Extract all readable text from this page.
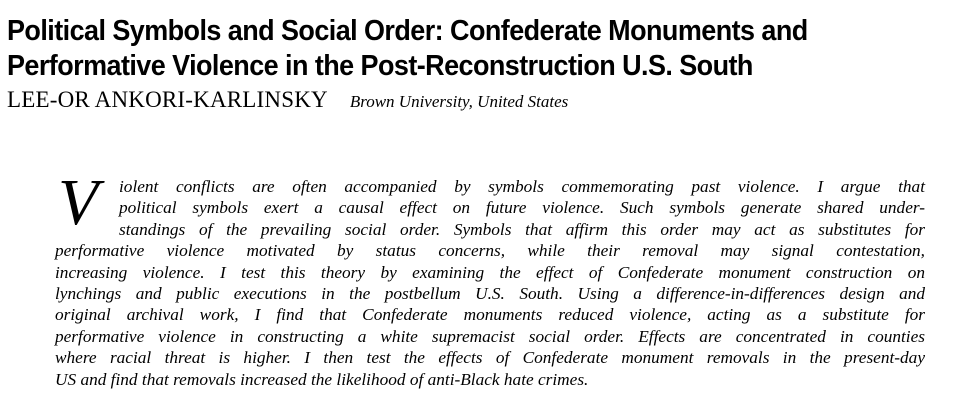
Political Symbols and Social Order: Confederate Monuments and
Performative Violence in the Post-Reconstruction U.S. South
LEE-OR ANKORI-KARLINSKY Brown University, United States
V	iolent conflicts are often accompanied by symbols commemorating past violence. I argue that
political symbols exert a causal effect on future violence. Such symbols generate shared under-
standings of the prevailing social order. Symbols that affirm this order may act as substitutes for
performative violence motivated by status concerns, while their removal may signal contestation,
increasing violence. I test this theory by examining the effect of Confederate monument construction on
lynchings and public executions in the postbellum U.S. South. Using a difference-in-differences design and
original archival work, I find that Confederate monuments reduced violence, acting as a substitute for
performative violence in constructing a white supremacist social order. Effects are concentrated in counties
where racial threat is higher. I then test the effects of Confederate monument removals in the present-day
US and find that removals increased the likelihood of anti-Black hate crimes.
